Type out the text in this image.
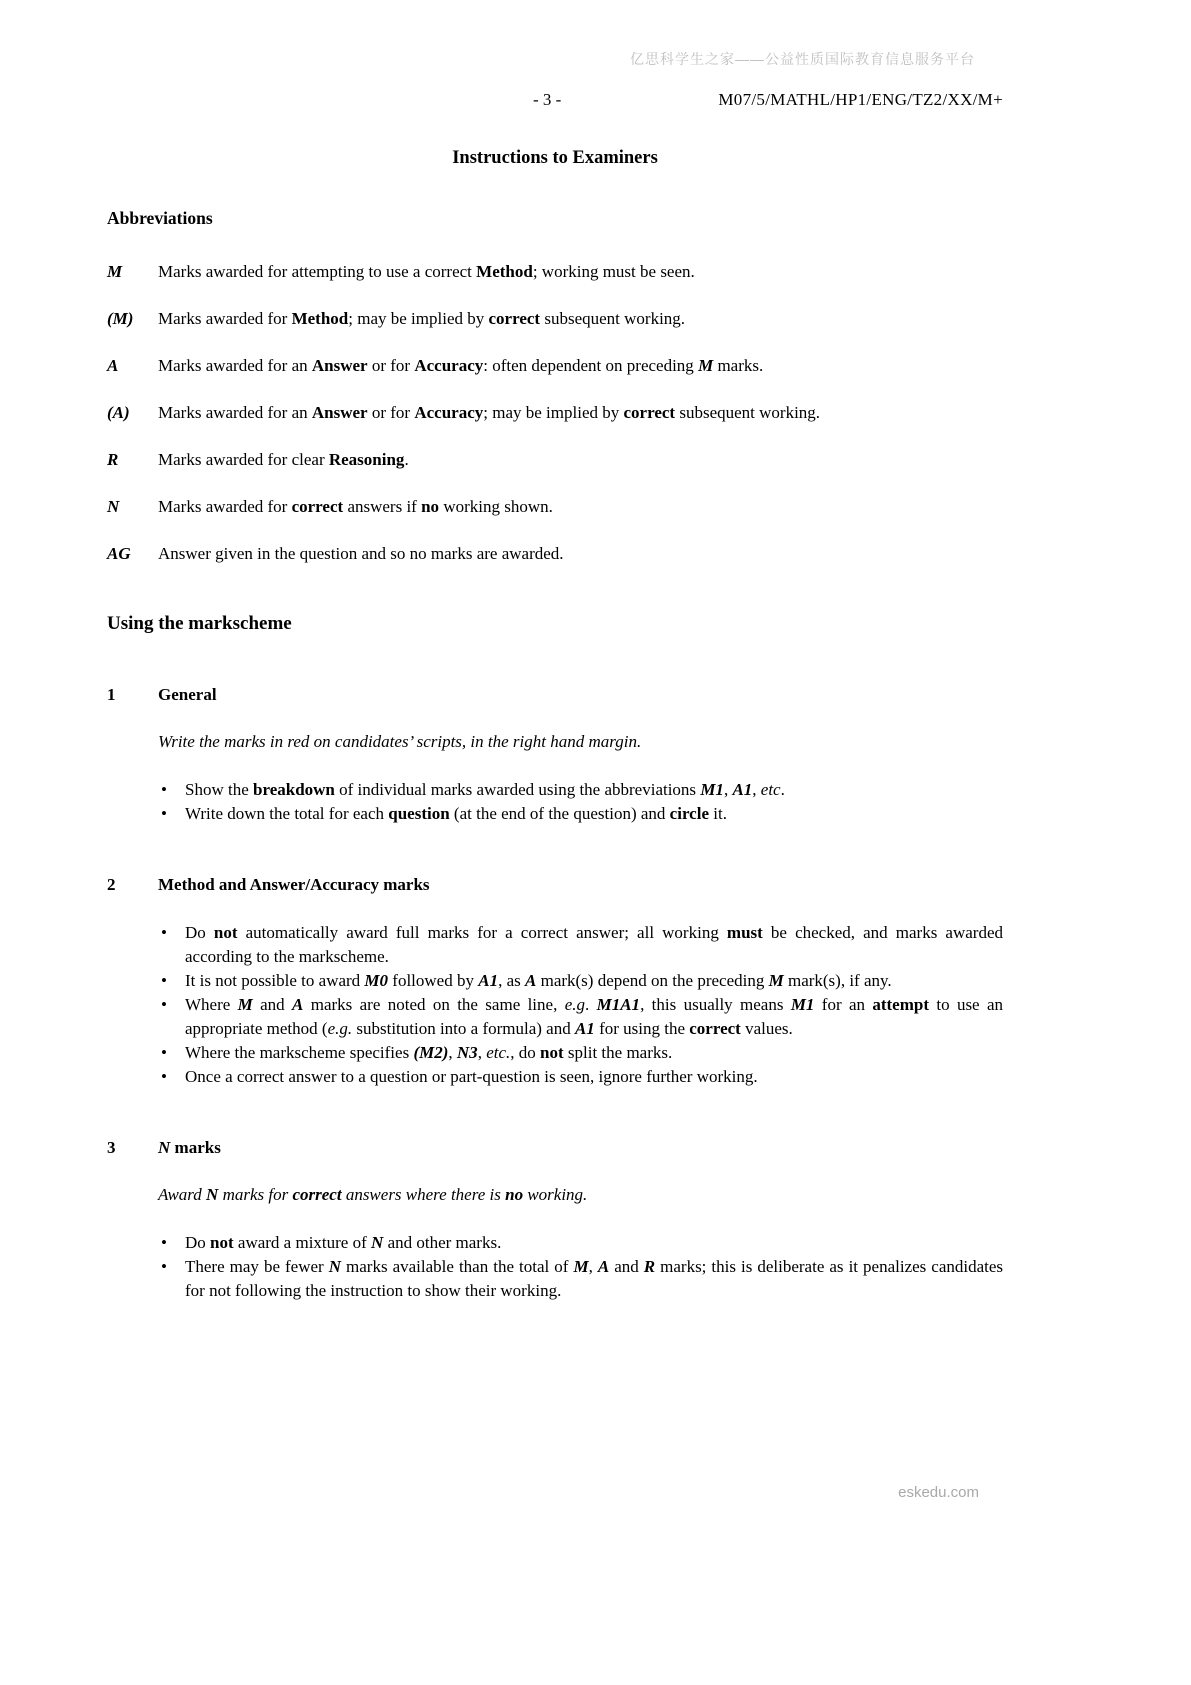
亿思科学生之家——公益性质国际教育信息服务平台
- 3 -	M07/5/MATHL/HP1/ENG/TZ2/XX/M+
Instructions to Examiners
Abbreviations
M	Marks awarded for attempting to use a correct Method; working must be seen.
(M)	Marks awarded for Method; may be implied by correct subsequent working.
A	Marks awarded for an Answer or for Accuracy: often dependent on preceding M marks.
(A)	Marks awarded for an Answer or for Accuracy; may be implied by correct subsequent working.
R	Marks awarded for clear Reasoning.
N	Marks awarded for correct answers if no working shown.
AG	Answer given in the question and so no marks are awarded.
Using the markscheme
1	General
Write the marks in red on candidates’ scripts, in the right hand margin.
• Show the breakdown of individual marks awarded using the abbreviations M1, A1, etc.
• Write down the total for each question (at the end of the question) and circle it.
2	Method and Answer/Accuracy marks
• Do not automatically award full marks for a correct answer; all working must be checked, and marks awarded according to the markscheme.
• It is not possible to award M0 followed by A1, as A mark(s) depend on the preceding M mark(s), if any.
• Where M and A marks are noted on the same line, e.g. M1A1, this usually means M1 for an attempt to use an appropriate method (e.g. substitution into a formula) and A1 for using the correct values.
• Where the markscheme specifies (M2), N3, etc., do not split the marks.
• Once a correct answer to a question or part-question is seen, ignore further working.
3	N marks
Award N marks for correct answers where there is no working.
• Do not award a mixture of N and other marks.
• There may be fewer N marks available than the total of M, A and R marks; this is deliberate as it penalizes candidates for not following the instruction to show their working.
eskedu.com
